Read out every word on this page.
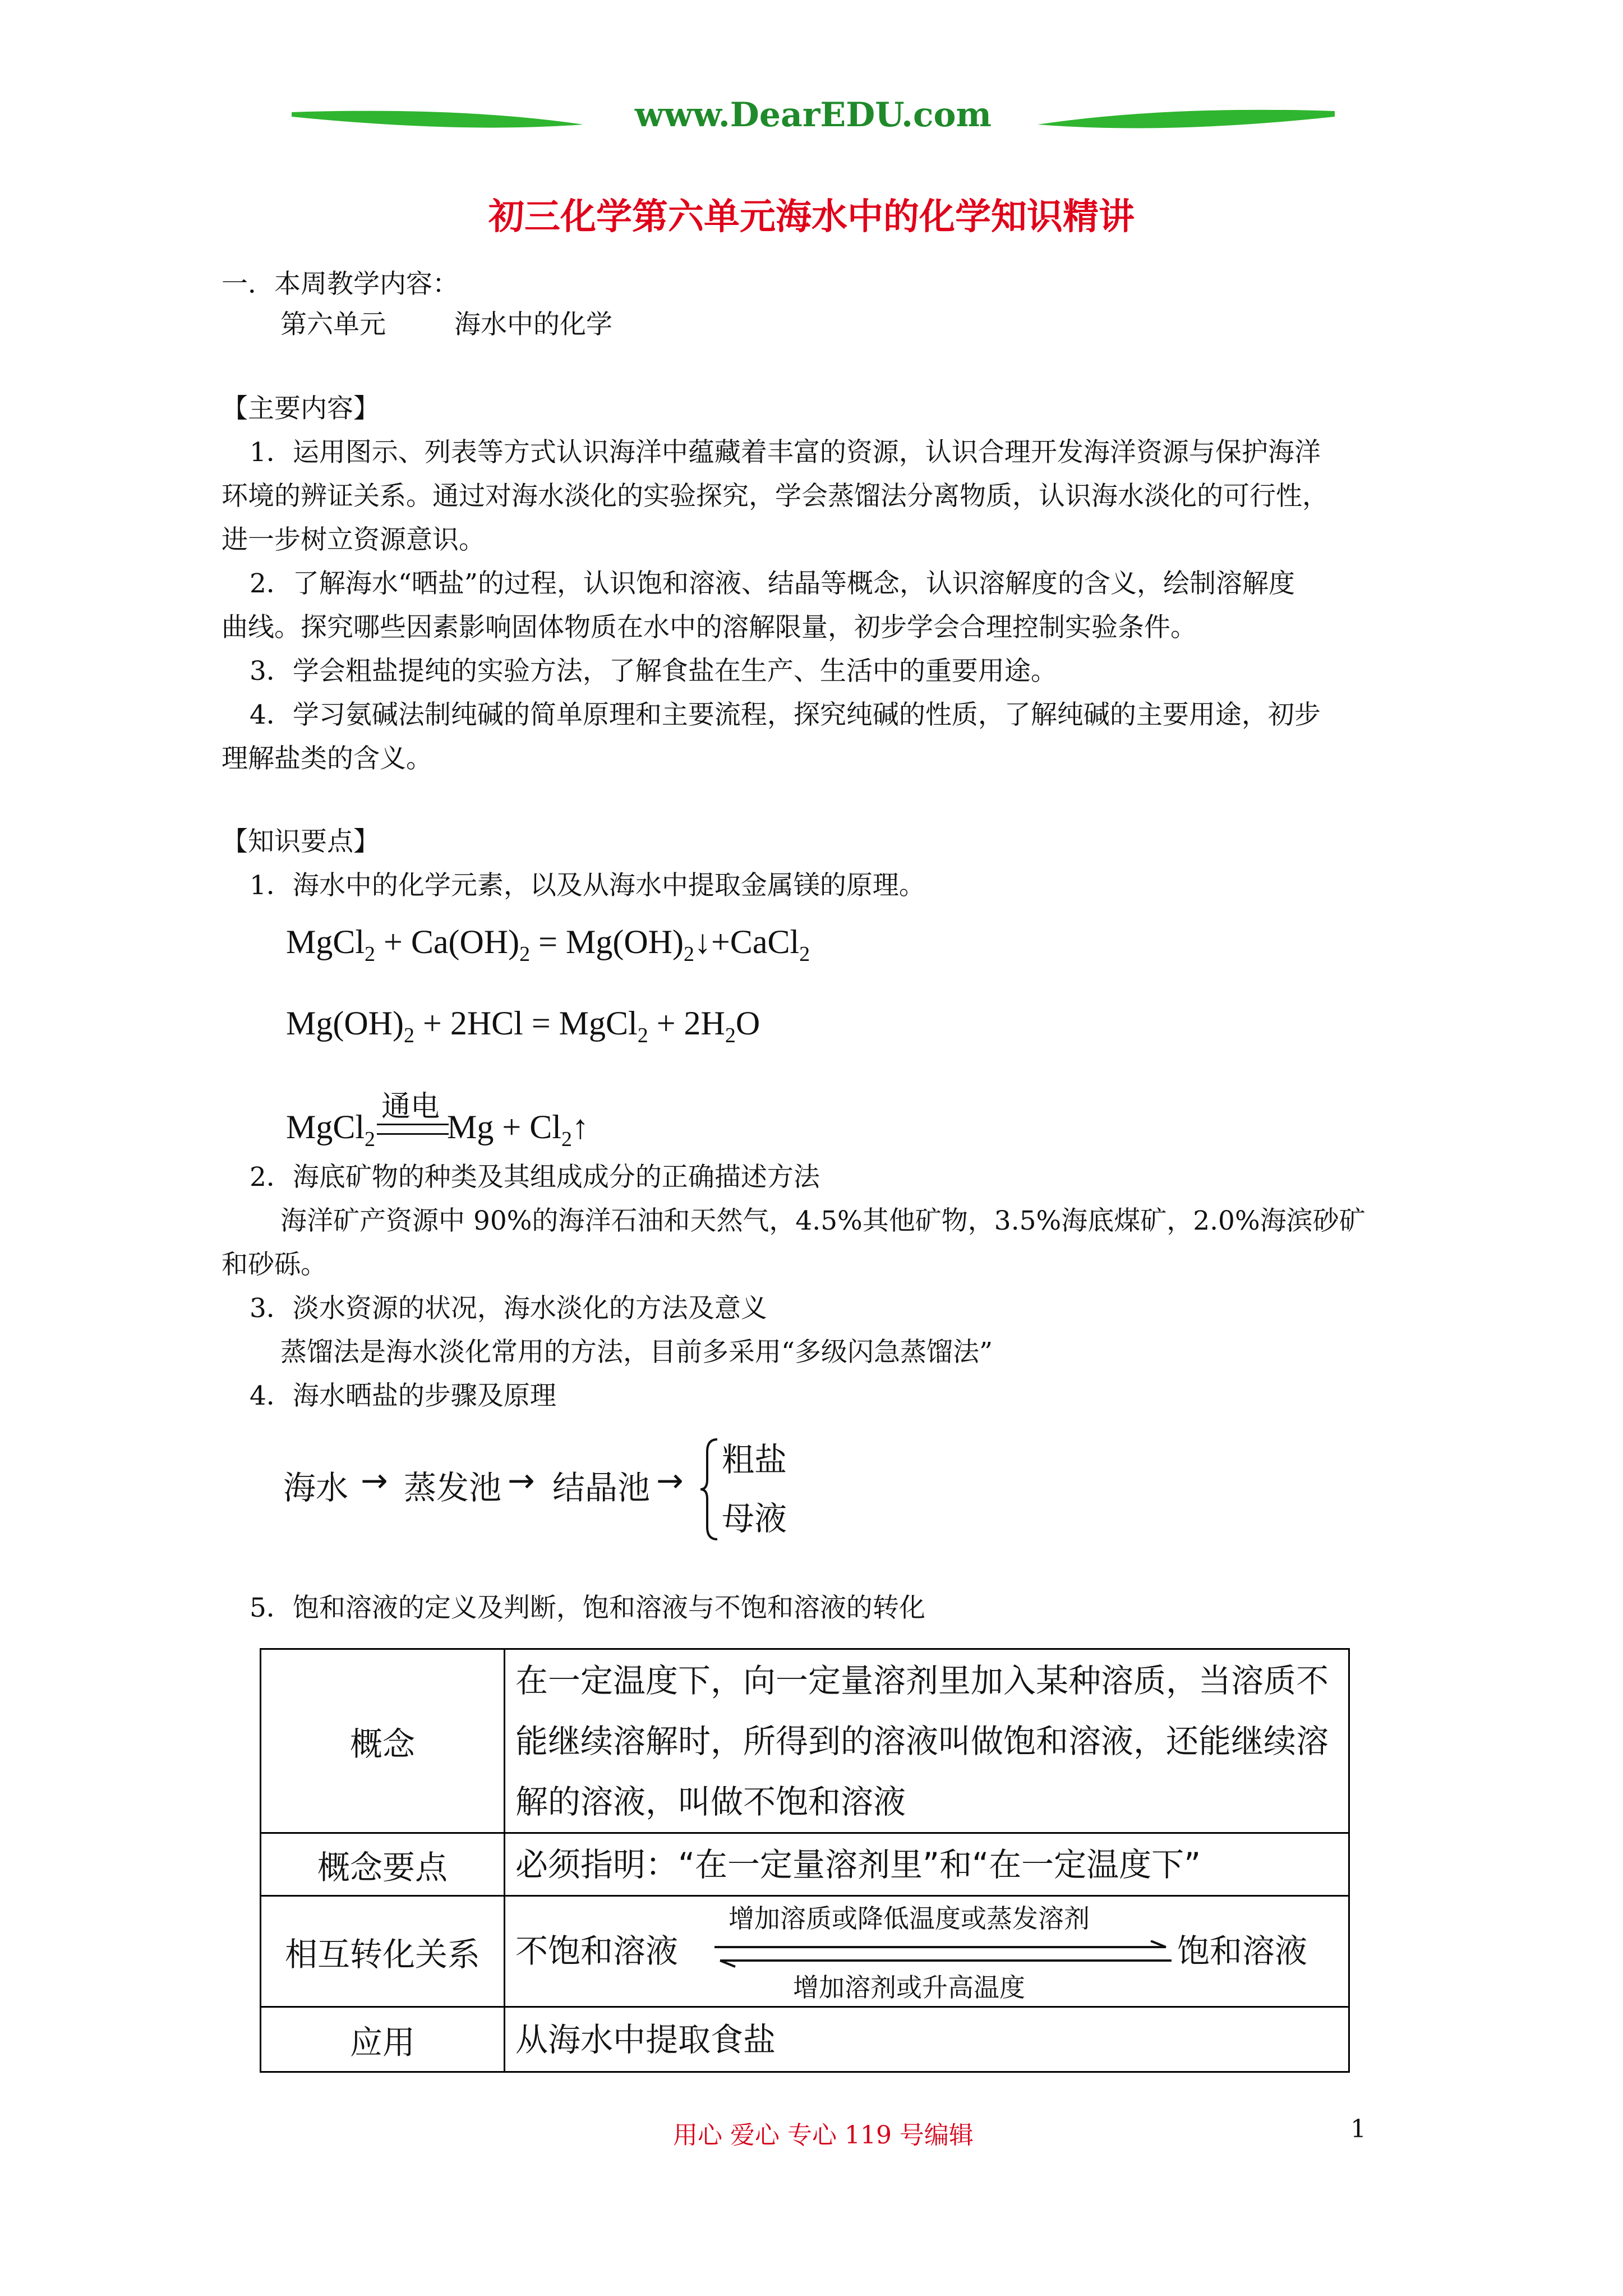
www.DearEDU.com
初三化学第六单元海水中的化学知识精讲
一．本周教学内容：
第六单元	海水中的化学
【主要内容】
1．运用图示、列表等方式认识海洋中蕴藏着丰富的资源，认识合理开发海洋资源与保护海洋
环境的辨证关系。通过对海水淡化的实验探究，学会蒸馏法分离物质，认识海水淡化的可行性，
进一步树立资源意识。
2．了解海水“晒盐”的过程，认识饱和溶液、结晶等概念，认识溶解度的含义，绘制溶解度
曲线。探究哪些因素影响固体物质在水中的溶解限量，初步学会合理控制实验条件。
3．学会粗盐提纯的实验方法，了解食盐在生产、生活中的重要用途。
4．学习氨碱法制纯碱的简单原理和主要流程，探究纯碱的性质，了解纯碱的主要用途，初步
理解盐类的含义。
【知识要点】
1．海水中的化学元素，以及从海水中提取金属镁的原理。
MgCl$_2$ + $Ca(OH)_2$ = $Mg(OH)_2↓+CaCl_2$
$Mg(OH)_2 + 2HCl$ = MgCl$_2$ + $2H_2O$
MgCl$_2$ $Mg + Cl_2↑$
通电
2．海底矿物的种类及其组成成分的正确描述方法
海洋矿产资源中 90%的海洋石油和天然气，4.5%其他矿物，3.5%海底煤矿，2.0%海滨砂矿
和砂砾。
3．淡水资源的状况，海水淡化的方法及意义
蒸馏法是海水淡化常用的方法，目前多采用“多级闪急蒸馏法”
4．海水晒盐的步骤及原理
海水 → 蒸发池 → 结晶池 →
粗盐
母液
5．饱和溶液的定义及判断，饱和溶液与不饱和溶液的转化
概念	在一定温度下，向一定量溶剂里加入某种溶质，当溶质不
能继续溶解时，所得到的溶液叫做饱和溶液，还能继续溶
解的溶液，叫做不饱和溶液

概念要点	必须指明：“在一定量溶剂里”和“在一定温度下”
相互转化关系	不饱和溶液
增加溶质或降低温度或蒸发溶剂
增加溶剂或升高温度
饱和溶液

应用	从海水中提取食盐
用心 爱心 专心 119 号编辑	1
